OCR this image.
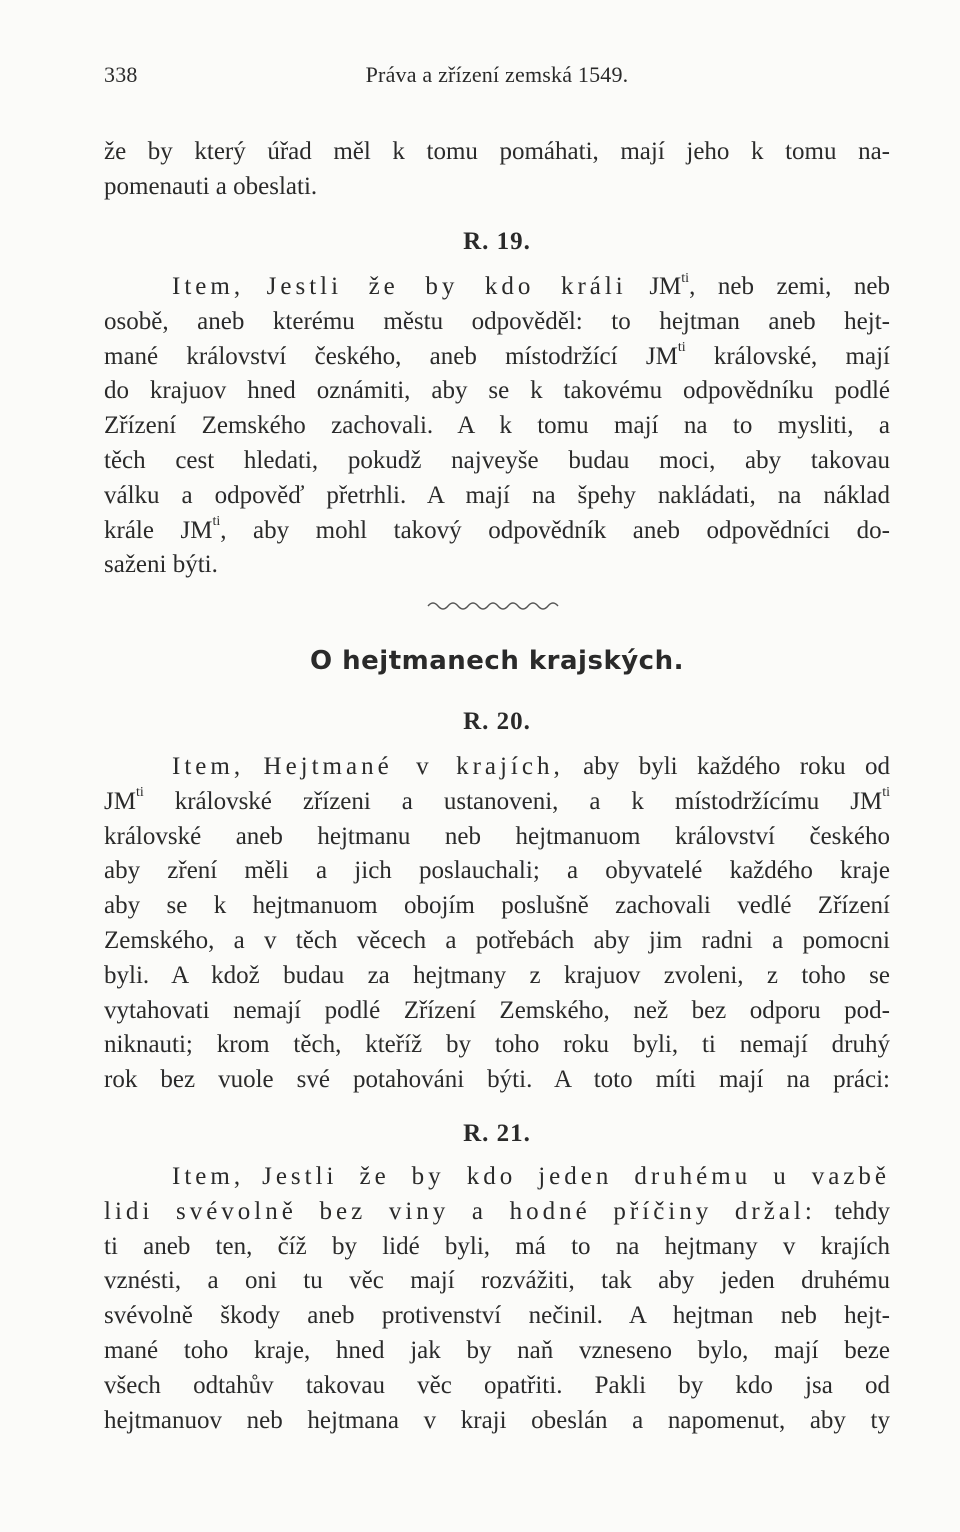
338	Práva a zřízení zemská 1549.
že by který úřad měl k tomu pomáhati, mají jeho k tomu na-
pomenauti a obeslati.
R. 19.
Item, Jestli že by kdo králi $JM^{ti}$, neb zemi, neb
osobě, aneb kterému městu odpověděl: to hejtman aneb hejt-
mané království českého, aneb místodržící $JM^{ti}$ královské, mají
do krajuov hned oznámiti, aby se k takovému odpovědníku podlé
Zřízení Zemského zachovali. A k tomu mají na to mysliti, a
těch cest hledati, pokudž najveyše budau moci, aby takovau
válku a odpověď přetrhli. A mají na špehy nakládati, na náklad
krále $JM^{ti}$, aby mohl takový odpovědník aneb odpovědníci do-
saženi býti.
O hejtmanech krajských.
R. 20.
Item, Hejtmané v krajích, aby byli každého roku od
$JM^{ti}$ královské zřízeni a ustanoveni, a k místodržícímu $JM^{ti}$
královské aneb hejtmanu neb hejtmanuom království českého
aby zření měli a jich poslauchali; a obyvatelé každého kraje
aby se k hejtmanuom obojím poslušně zachovali vedlé Zřízení
Zemského, a v těch věcech a potřebách aby jim radni a pomocni
byli. A kdož budau za hejtmany z krajuov zvoleni, z toho se
vytahovati nemají podlé Zřízení Zemského, než bez odporu pod-
niknauti; krom těch, kteříž by toho roku byli, ti nemají druhý
rok bez vuole své potahováni býti. A toto míti mají na práci:
R. 21.
Item, Jestli že by kdo jeden druhému u vazbě
lidi svévolně bez viny a hodné příčiny držal: tehdy
ti aneb ten, číž by lidé byli, má to na hejtmany v krajích
vznésti, a oni tu věc mají rozvážiti, tak aby jeden druhému
svévolně škody aneb protivenství nečinil. A hejtman neb hejt-
mané toho kraje, hned jak by naň vzneseno bylo, mají beze
všech odtahův takovau věc opatřiti. Pakli by kdo jsa od
hejtmanuov neb hejtmana v kraji obeslán a napomenut, aby ty
